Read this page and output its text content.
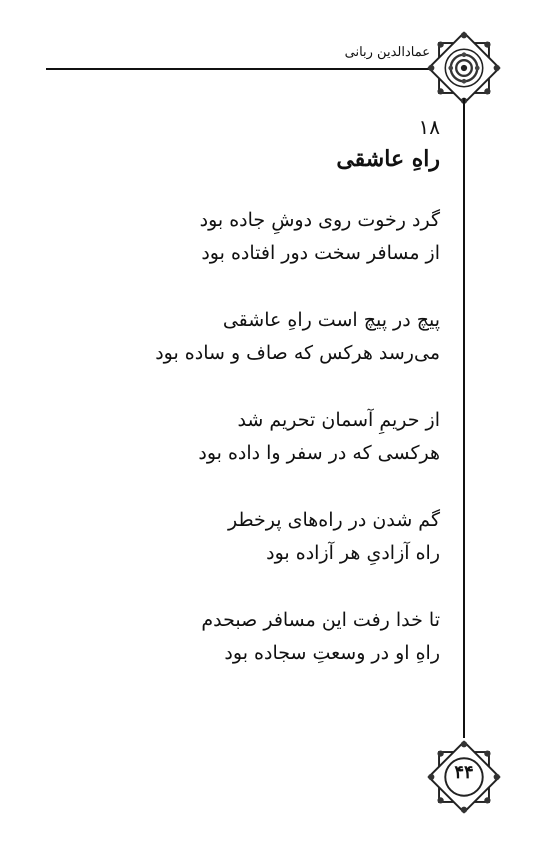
عمادالدین ربانی
۱۸
راهِ عاشقی
گرد رخوت روی دوشِ جاده بود
از مسافر سخت دور افتاده بود
پیچ در پیچ است راهِ عاشقی
می‌رسد هرکس که صاف و ساده بود
از حریمِ آسمان تحریم شد
هرکسی که در سفر وا داده بود
گم شدن در راه‌های پرخطر
راه آزادیِ هر آزاده بود
تا خدا رفت این مسافر صبحدم
راهِ او در وسعتِ سجاده بود
۴۴
